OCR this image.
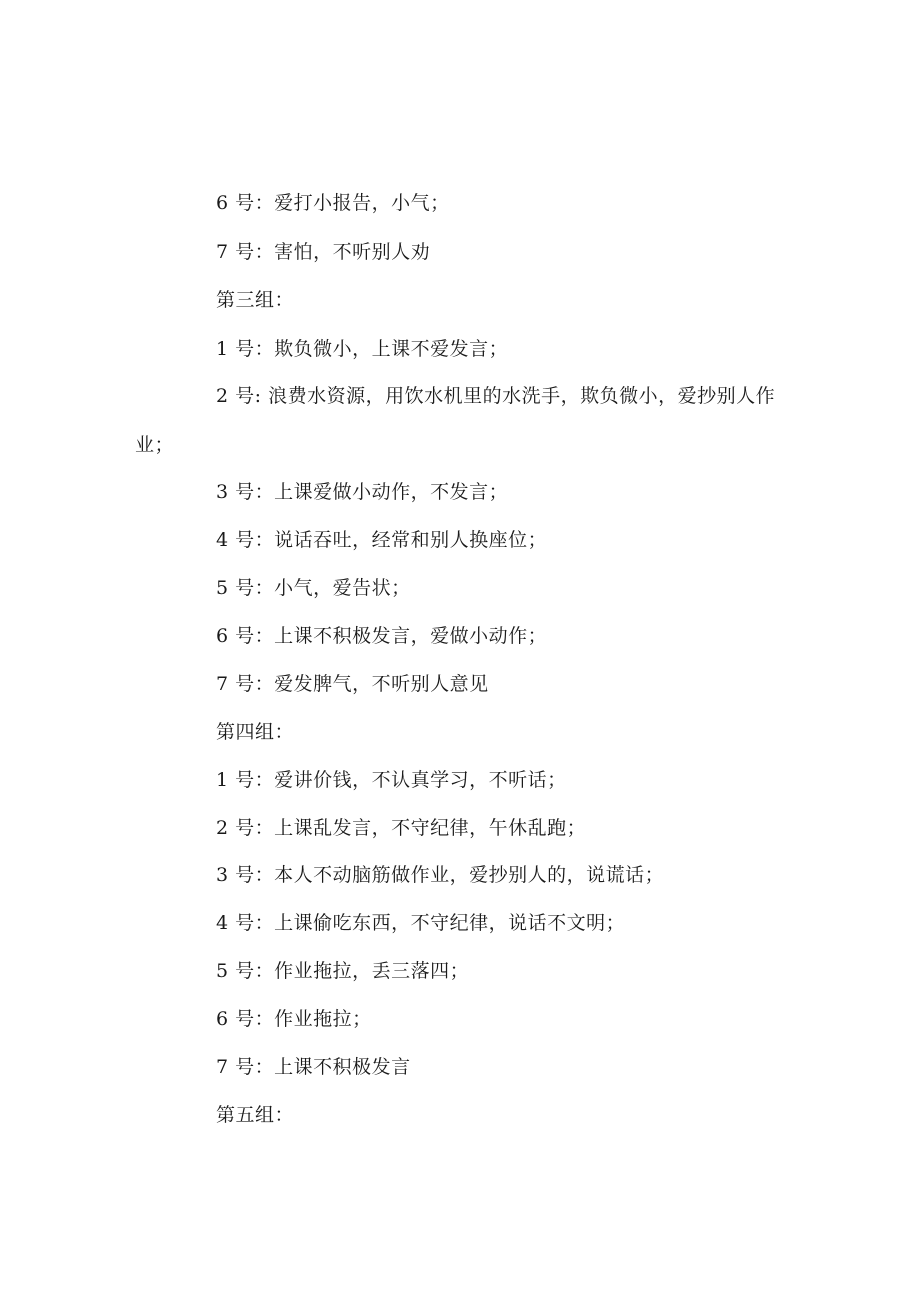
6 号：爱打小报告，小气；
7 号：害怕，不听别人劝
第三组：
1 号：欺负微小，上课不爱发言；
2 号: 浪费水资源，用饮水机里的水洗手，欺负微小，爱抄别人作
业；
3 号：上课爱做小动作，不发言；
4 号：说话吞吐，经常和别人换座位；
5 号：小气，爱告状；
6 号：上课不积极发言，爱做小动作；
7 号：爱发脾气，不听别人意见
第四组：
1 号：爱讲价钱，不认真学习，不听话；
2 号：上课乱发言，不守纪律，午休乱跑；
3 号：本人不动脑筋做作业，爱抄别人的，说谎话；
4 号：上课偷吃东西，不守纪律，说话不文明；
5 号：作业拖拉，丢三落四；
6 号：作业拖拉；
7 号：上课不积极发言
第五组：
